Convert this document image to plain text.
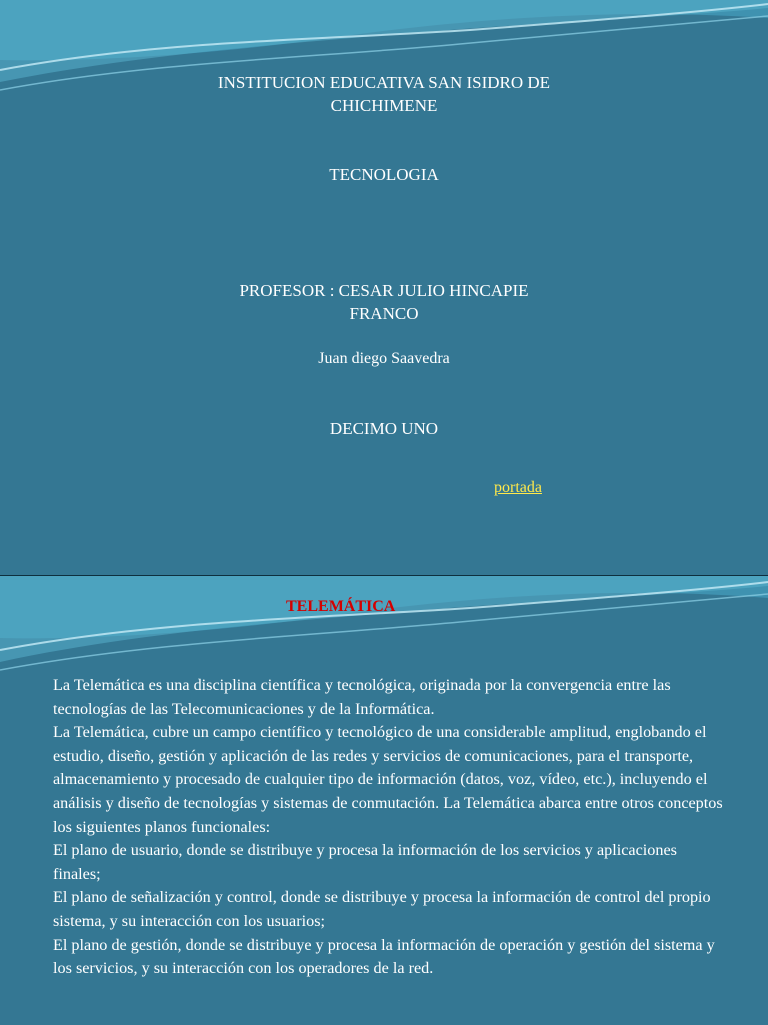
INSTITUCION EDUCATIVA SAN ISIDRO DE
CHICHIMENE
TECNOLOGIA
PROFESOR : CESAR JULIO HINCAPIE
FRANCO
Juan diego Saavedra
DECIMO UNO
portada
TELEMÁTICA

La Telemática es una disciplina científica y tecnológica, originada por la convergencia entre las tecnologías de las Telecomunicaciones y de la Informática.

La Telemática, cubre un campo científico y tecnológico de una considerable amplitud, englobando el estudio, diseño, gestión y aplicación de las redes y servicios de comunicaciones, para el transporte, almacenamiento y procesado de cualquier tipo de información (datos, voz, vídeo, etc.), incluyendo el análisis y diseño de tecnologías y sistemas de conmutación. La Telemática abarca entre otros conceptos los siguientes planos funcionales:

El plano de usuario, donde se distribuye y procesa la información de los servicios y aplicaciones finales;

El plano de señalización y control, donde se distribuye y procesa la información de control del propio sistema, y su interacción con los usuarios;

El plano de gestión, donde se distribuye y procesa la información de operación y gestión del sistema y los servicios, y su interacción con los operadores de la red.
